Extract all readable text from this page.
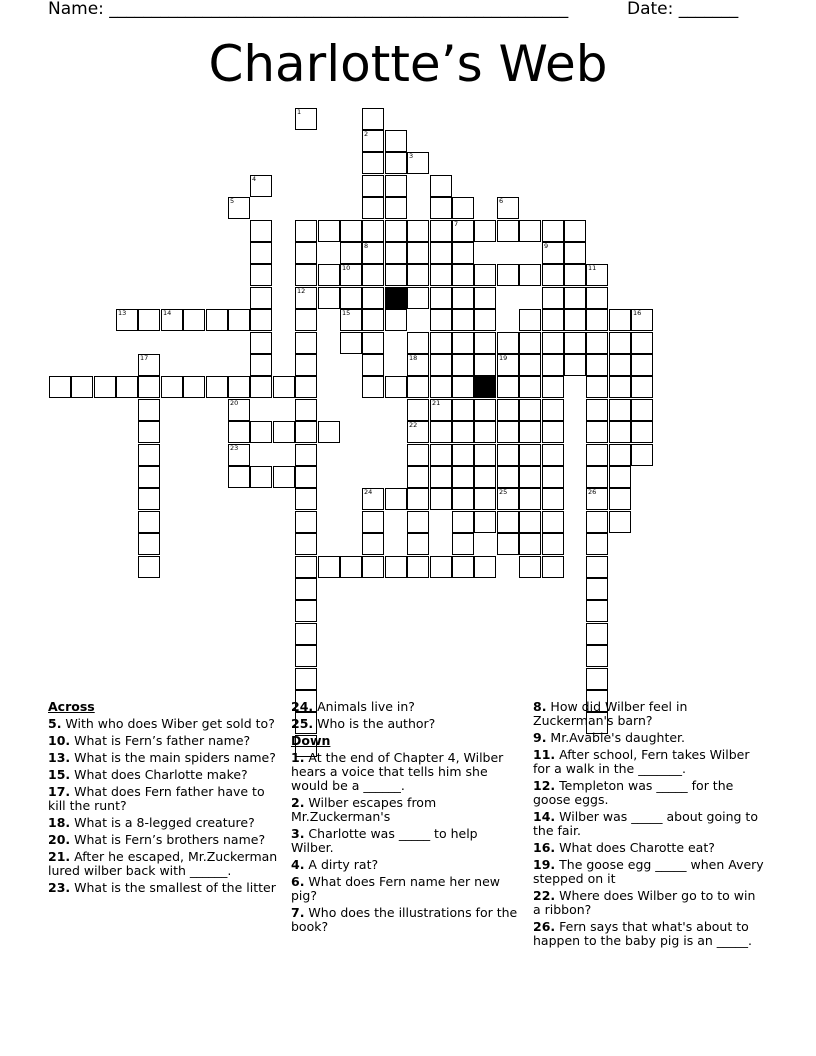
Name: ______________________________________________________	Date: _______
Charlotte’s Web
14
12
7
2
8
19
25
9
26
21
10
15
24
22
1
3
4
5	6
11
13	16
17	18
20
23
Across
5. With who does Wiber get sold to?
10. What is Fern’s father name?
13. What is the main spiders name?
15. What does Charlotte make?
17. What does Fern father have to kill the runt?
18. What is a 8-legged creature?
20. What is Fern’s brothers name?
21. After he escaped, Mr.Zuckerman lured wilber back with ______.
23. What is the smallest of the litter
24. Animals live in?
25. Who is the author?
Down
1. At the end of Chapter 4, Wilber hears a voice that tells him she would be a ______.
2. Wilber escapes from Mr.Zuckerman's
3. Charlotte was _____ to help Wilber.
4. A dirty rat?
6. What does Fern name her new pig?
7. Who does the illustrations for the book?
8. How did Wilber feel in Zuckerman's barn?
9. Mr.Avable's daughter.
11. After school, Fern takes Wilber for a walk in the _______.
12. Templeton was _____ for the goose eggs.
14. Wilber was _____ about going to the fair.
16. What does Charotte eat?
19. The goose egg _____ when Avery stepped on it
22. Where does Wilber go to to win a ribbon?
26. Fern says that what's about to happen to the baby pig is an _____.
